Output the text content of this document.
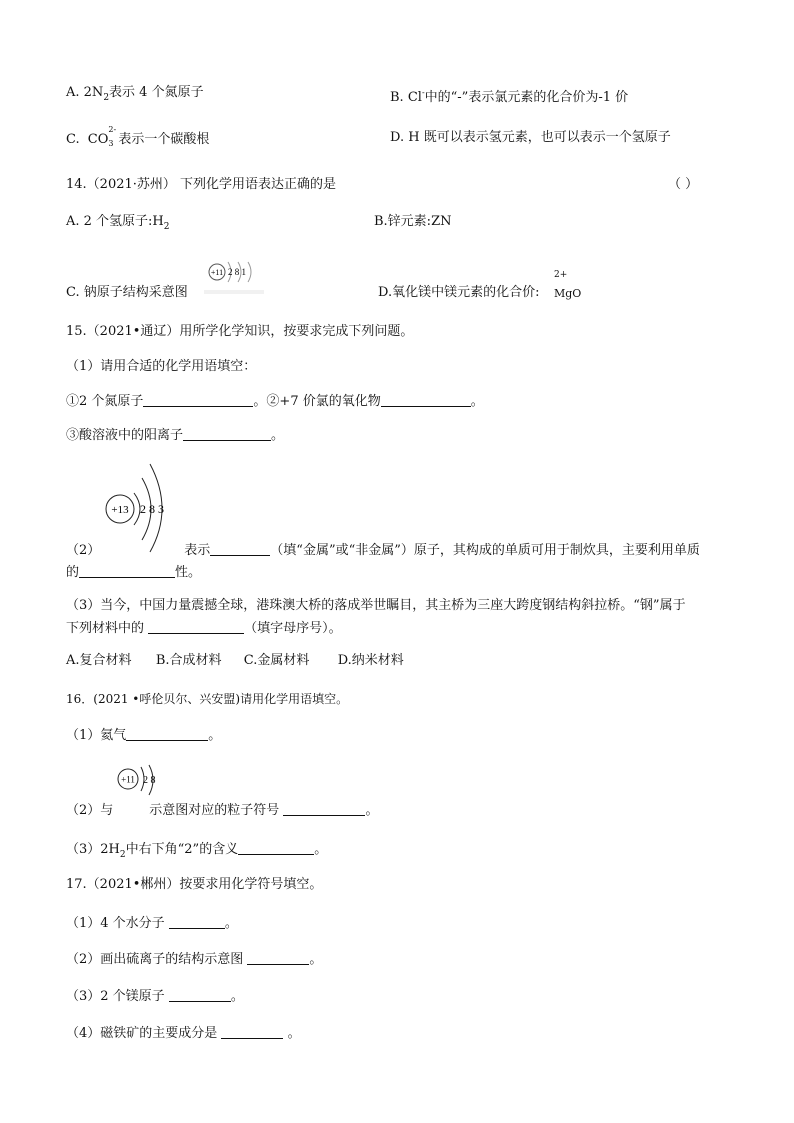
A. $2N_2$表示 4 个氮原子	B. Cl-中的“-”表示氯元素的化合价为-1 价
C. CO
2-
3 表示一个碳酸根	D. H 既可以表示氢元素，也可以表示一个氢原子
14.（2021·苏州） 下列化学用语表达正确的是	（ ）
A. 2 个氢原子$:H_2$	B.锌元素:ZN
C. 钠原子结构采意图
+11 2 8 1
D.氧化镁中镁元素的化合价:
2+
MgO
15.（2021•通辽）用所学化学知识，按要求完成下列问题。
（1）请用合适的化学用语填空：
①2 个氮原子	。②+7 价氯的氧化物	。
③酸溶液中的阳离子	。
+13 2 8 3
（2）	表示	（填“金属”或“非金属”）原子，其构成的单质可用于制炊具，主要利用单质
的	性。
（3）当今，中国力量震撼全球，港珠澳大桥的落成举世瞩目，其主桥为三座大跨度钢结构斜拉桥。“钢”属于
下列材料中的	（填字母序号）。
A.复合材料 B.合成材料 C.金属材料 D.纳米材料
16．(2021 •呼伦贝尔、兴安盟)请用化学用语填空。
（1）氦气	。
+11 2 8
（2）与	示意图对应的粒子符号	。
$(3)2H_2$中右下角“2”的含义	。
17.（2021•郴州）按要求用化学符号填空。
（1）4 个水分子	。
（2）画出硫离子的结构示意图	。
（3）2 个镁原子	。
（4）磁铁矿的主要成分是	。
